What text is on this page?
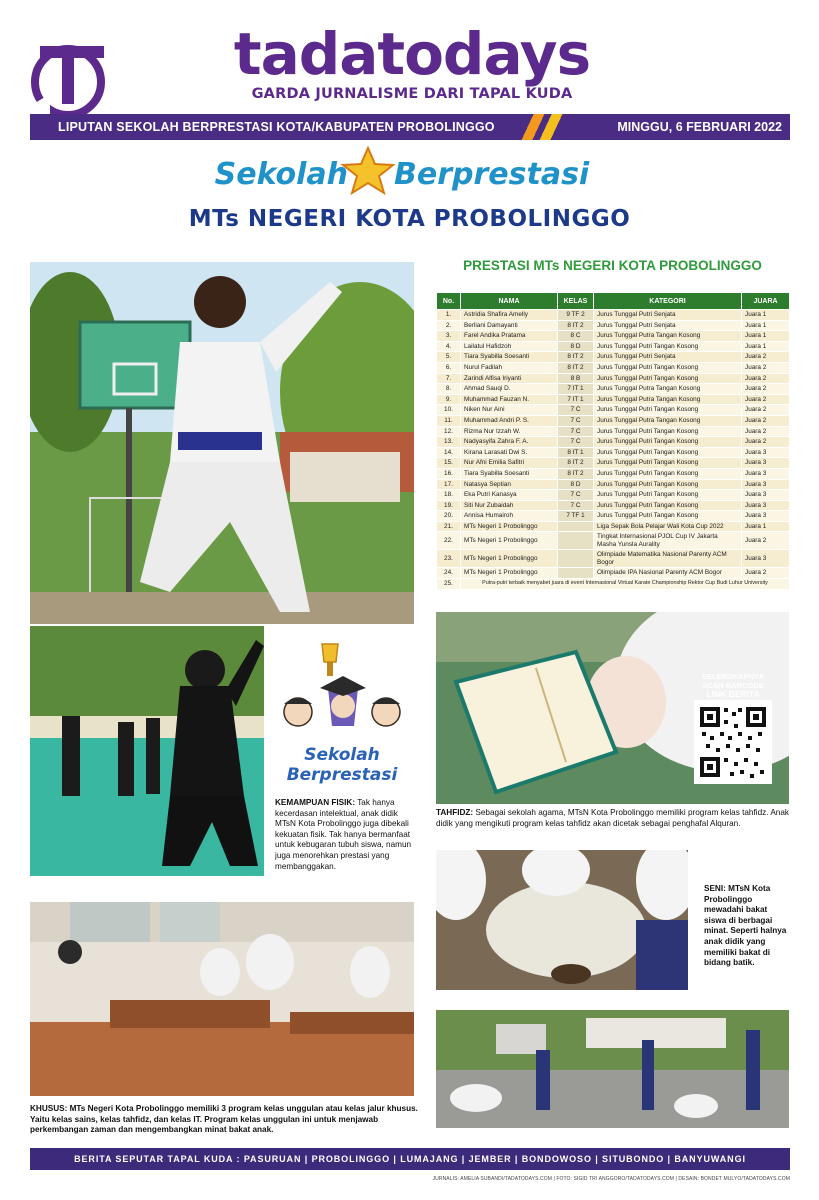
tadatodays
GARDA JURNALISME DARI TAPAL KUDA
LIPUTAN SEKOLAH BERPRESTASI KOTA/KABUPATEN PROBOLINGGO	MINGGU, 6 FEBRUARI 2022
Sekolah Berprestasi
MTs NEGERI KOTA PROBOLINGGO
Sekolah
Berprestasi
SELENGKAPNYA
SCAN BARCODE
LINK BERITA
PRESTASI MTs NEGERI KOTA PROBOLINGGO
No.	NAMA	KELAS	KATEGORI	JUARA
1.	Astridia Shafira Amelly	9 TF 2	Jurus Tunggal Putri Senjata	Juara 1
2.	Berliani Damayanti	8 IT 2	Jurus Tunggal Putri Senjata	Juara 1
3.	Farel Andika Pratama	8 C	Jurus Tunggal Putra Tangan Kosong	Juara 1
4.	Lailatul Hafidzoh	8 D	Jurus Tunggal Putri Tangan Kosong	Juara 1
5.	Tiara Syabilla Soesanti	8 IT 2	Jurus Tunggal Putri Senjata	Juara 2
6.	Nurul Fadilah	8 IT 2	Jurus Tunggal Putri Tangan Kosong	Juara 2
7.	Zarindi Alfisa Iriyanti	8 B	Jurus Tunggal Putri Tangan Kosong	Juara 2
8.	Ahmad Sauqi D.	7 IT 1	Jurus Tunggal Putra Tangan Kosong	Juara 2
9.	Muhammad Fauzan N.	7 IT 1	Jurus Tunggal Putra Tangan Kosong	Juara 2
10.	Niken Nur Aini	7 C	Jurus Tunggal Putri Tangan Kosong	Juara 2
11.	Muhammad Andri P. S.	7 C	Jurus Tunggal Putra Tangan Kosong	Juara 2
12.	Rizma Nur Izzah W.	7 C	Jurus Tunggal Putri Tangan Kosong	Juara 2
13.	Nadyasyifa Zahra F. A.	7 C	Jurus Tunggal Putri Tangan Kosong	Juara 2
14.	Kirana Larasati Dwi S.	8 IT 1	Jurus Tunggal Putri Tangan Kosong	Juara 3
15.	Nur Afni Emilia Safitri	8 IT 2	Jurus Tunggal Putri Tangan Kosong	Juara 3
16.	Tiara Syabilla Soesanti	8 IT 2	Jurus Tunggal Putri Tangan Kosong	Juara 3
17.	Natasya Septian	8 D	Jurus Tunggal Putri Tangan Kosong	Juara 3
18.	Eka Putri Kanasya	7 C	Jurus Tunggal Putri Tangan Kosong	Juara 3
19.	Siti Nur Zubaidah	7 C	Jurus Tunggal Putri Tangan Kosong	Juara 3
20.	Annisa Humairoh	7 TF 1	Jurus Tunggal Putri Tangan Kosong	Juara 3
21.	MTs Negeri 1 Probolinggo		Liga Sepak Bola Pelajar Wali Kota Cup 2022	Juara 1
22.	MTs Negeri 1 Probolinggo		Tingkat Internasional PJOL Cup IV Jakarta Masha Yunsla Aurality	Juara 2
23.	MTs Negeri 1 Probolinggo		Olimpiade Matematika Nasional Parenty ACM Bogor	Juara 3
24.	MTs Negeri 1 Probolinggo		Olimpiade IPA Nasional Parenty ACM Bogor	Juara 2
25.	Putra-putri terbaik menyabet juara di event Internasional Virtual Karate Championship Rektor Cup Budi Luhur University			
KEMAMPUAN FISIK: Tak hanya kecerdasan intelektual, anak didik MTsN Kota Probolinggo juga dibekali kekuatan fisik. Tak hanya bermanfaat untuk kebugaran tubuh siswa, namun juga menorehkan prestasi yang membanggakan.
TAHFIDZ: Sebagai sekolah agama, MTsN Kota Probolinggo memiliki program kelas tahfidz. Anak didik yang mengikuti program kelas tahfidz akan dicetak sebagai penghafal Alquran.
SENI: MTsN Kota Probolinggo mewadahi bakat siswa di berbagai minat. Seperti halnya anak didik yang memiliki bakat di bidang batik.
KHUSUS: MTs Negeri Kota Probolinggo memiliki 3 program kelas unggulan atau kelas jalur khusus. Yaitu kelas sains, kelas tahfidz, dan kelas IT. Program kelas unggulan ini untuk menjawab perkembangan zaman dan mengembangkan minat bakat anak.
BERITA SEPUTAR TAPAL KUDA : PASURUAN | PROBOLINGGO | LUMAJANG | JEMBER | BONDOWOSO | SITUBONDO | BANYUWANGI
JURNALIS: AMELIA SUBANDI/TADATODAYS.COM | FOTO: SIGID TRI ANGGORO/TADATODAYS.COM | DESAIN: BONDET MULYO/TADATODAYS.COM
